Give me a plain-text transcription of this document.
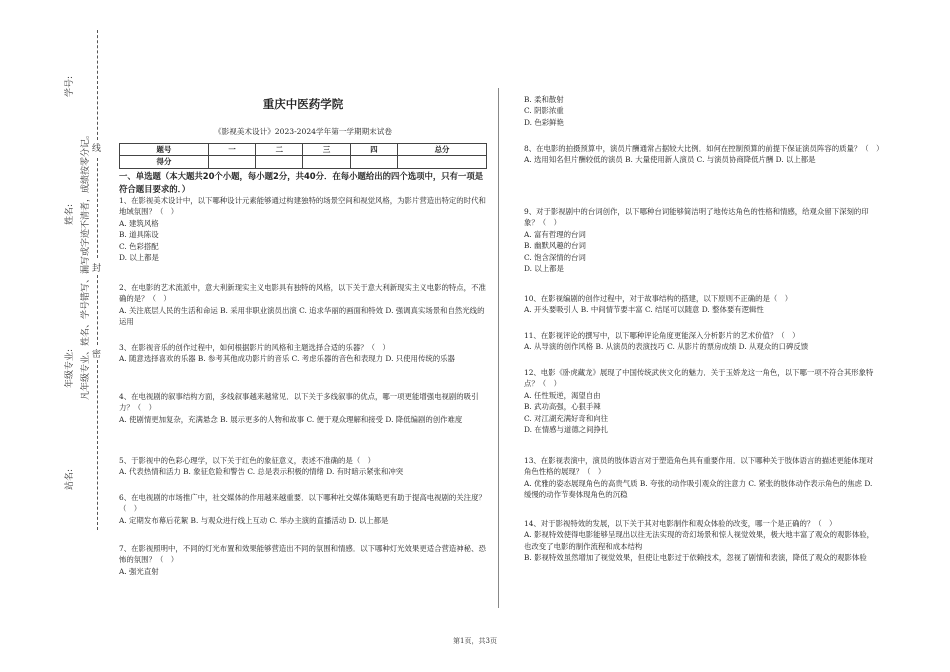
学号:
姓名:
年级专业:
站名:
凡年级专业、姓名、学号错写、漏写或字迹不清者，成绩按零分记。 线
封
密
重庆中医药学院
《影视美术设计》2023-2024学年第一学期期末试卷
题号	一	二	三	四	总分
得分					
一、单选题（本大题共20个小题，每小题2分，共40分．在每小题给出的四个选项中，只有一项是符合题目要求的．）

1、在影视美术设计中，以下哪种设计元素能够通过构建独特的场景空间和视觉风格，为影片营造出特定的时代和地域氛围？（　）

A. 建筑风格

B. 道具陈设

C. 色彩搭配

D. 以上都是

2、在电影的艺术流派中，意大利新现实主义电影具有独特的风格，以下关于意大利新现实主义电影的特点，不准确的是？（　）

A. 关注底层人民的生活和命运 B. 采用非职业演员出演 C. 追求华丽的画面和特效 D. 强调真实场景和自然光线的运用

3、在影视音乐的创作过程中，如何根据影片的风格和主题选择合适的乐器？（　）

A. 随意选择喜欢的乐器 B. 参考其他成功影片的音乐 C. 考虑乐器的音色和表现力 D. 只使用传统的乐器

4、在电视剧的叙事结构方面，多线叙事越来越常见．以下关于多线叙事的优点，哪一项更能增强电视剧的吸引力？（　）

A. 使剧情更加复杂，充满悬念 B. 展示更多的人物和故事 C. 便于观众理解和接受 D. 降低编剧的创作难度

5、于影视中的色彩心理学，以下关于红色的象征意义，表述不准确的是（　）

A. 代表热情和活力 B. 象征危险和警告 C. 总是表示积极的情绪 D. 有时暗示紧张和冲突

6、在电视剧的市场推广中，社交媒体的作用越来越重要．以下哪种社交媒体策略更有助于提高电视剧的关注度？（　）

A. 定期发布幕后花絮 B. 与观众进行线上互动 C. 举办主演的直播活动 D. 以上都是

7、在影视照明中，不同的灯光布置和效果能够营造出不同的氛围和情感．以下哪种灯光效果更适合营造神秘、恐怖的氛围？（　）

A. 强光直射

B. 柔和散射

C. 阴影浓重

D. 色彩鲜艳

8、在电影的拍摄预算中，演员片酬通常占据较大比例．如何在控制预算的前提下保证演员阵容的质量？（　）

A. 选用知名但片酬较低的演员 B. 大量使用新人演员 C. 与演员协商降低片酬 D. 以上都是

9、对于影视剧中的台词创作，以下哪种台词能够简洁明了地传达角色的性格和情感，给观众留下深刻的印象？（　）

A. 富有哲理的台词

B. 幽默风趣的台词

C. 饱含深情的台词

D. 以上都是

10、在影视编剧的创作过程中，对于故事结构的搭建，以下原则不正确的是（　）

A. 开头要吸引人 B. 中间情节要丰富 C. 结尾可以随意 D. 整体要有逻辑性

11、在影视评论的撰写中，以下哪种评论角度更能深入分析影片的艺术价值？（　）

A. 从导演的创作风格 B. 从演员的表演技巧 C. 从影片的票房成绩 D. 从观众的口碑反馈

12、电影《卧虎藏龙》展现了中国传统武侠文化的魅力．关于玉娇龙这一角色，以下哪一项不符合其形象特点？（　）

A. 任性叛逆，渴望自由

B. 武功高强，心狠手辣

C. 对江湖充满好奇和向往

D. 在情感与道德之间挣扎

13、在影视表演中，演员的肢体语言对于塑造角色具有重要作用．以下哪种关于肢体语言的描述更能体现对角色性格的展现？（　）

A. 优雅的姿态展现角色的高贵气质 B. 夸张的动作吸引观众的注意力 C. 紧张的肢体动作表示角色的焦虑 D. 缓慢的动作节奏体现角色的沉稳

14、对于影视特效的发展，以下关于其对电影制作和观众体验的改变，哪一个是正确的？（　）

A. 影视特效使得电影能够呈现出以往无法实现的奇幻场景和惊人视觉效果，极大地丰富了观众的观影体验，也改变了电影的制作流程和成本结构

B. 影视特效虽然增加了视觉效果，但使让电影过于依赖技术，忽视了剧情和表演，降低了观众的观影体验

第1页，共3页
